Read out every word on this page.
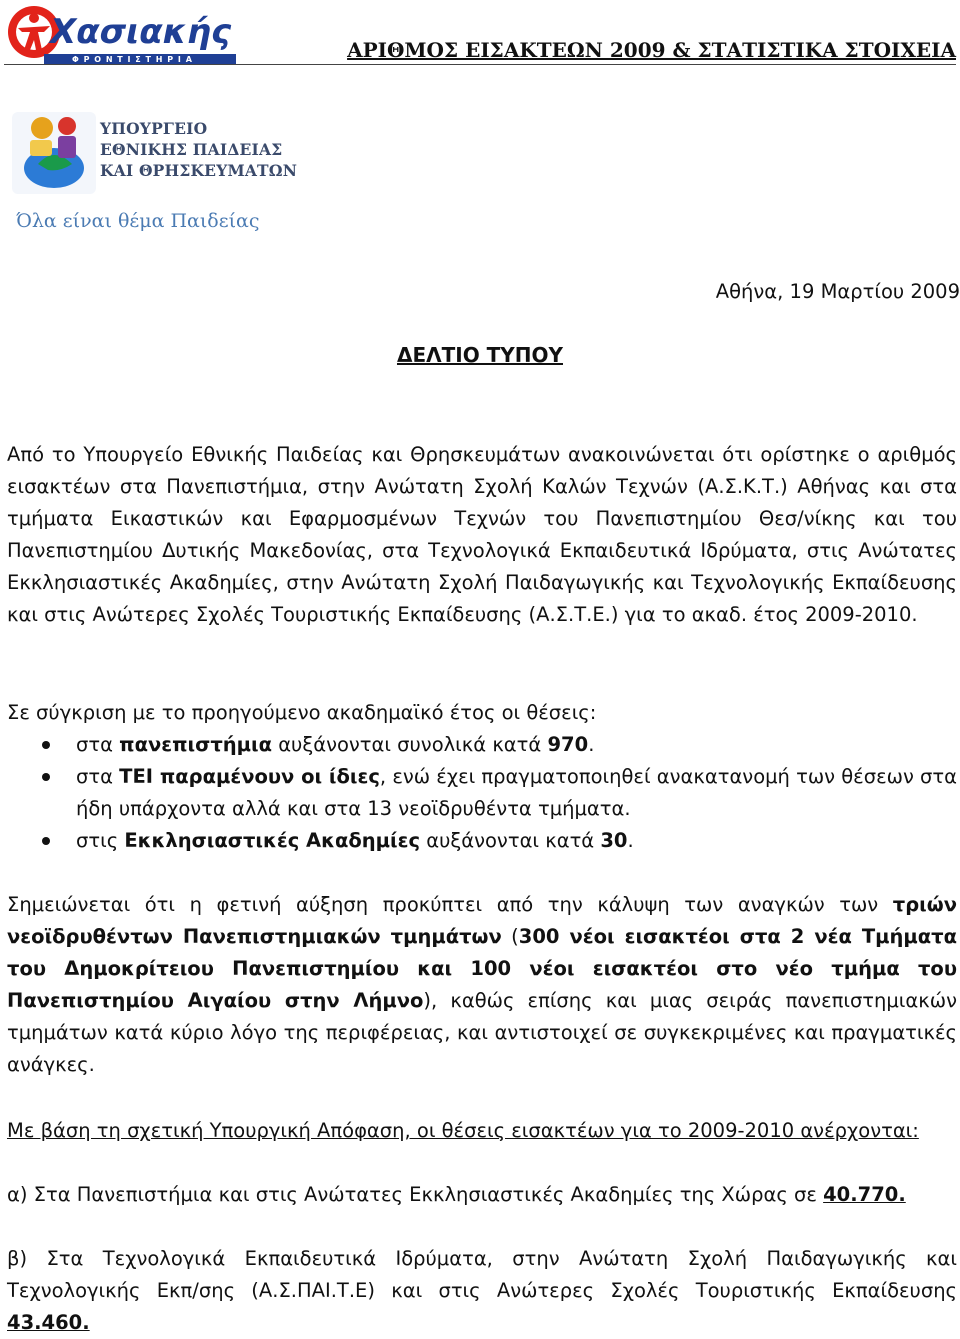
Χασιακής
Φ Ρ Ο Ν Τ Ι Σ Τ Η Ρ Ι Α	ΑΡΙΘΜΟΣ ΕΙΣΑΚΤΕΩΝ 2009 & ΣΤΑΤΙΣΤΙΚΑ ΣΤΟΙΧΕΙΑ
ΥΠΟΥΡΓΕΙΟ
ΕΘΝΙΚΗΣ ΠΑΙΔΕΙΑΣ
ΚΑΙ ΘΡΗΣΚΕΥΜΑΤΩΝ
Όλα είναι θέμα Παιδείας
Αθήνα, 19 Μαρτίου 2009
ΔΕΛΤΙΟ ΤΥΠΟΥ
Από το Υπουργείο Εθνικής Παιδείας και Θρησκευμάτων ανακοινώνεται ότι ορίστηκε ο αριθμός εισακτέων στα Πανεπιστήμια, στην Ανώτατη Σχολή Καλών Τεχνών (Α.Σ.Κ.Τ.) Αθήνας και στα τμήματα Εικαστικών και Εφαρμοσμένων Τεχνών του Πανεπιστημίου Θεσ/νίκης και του Πανεπιστημίου Δυτικής Μακεδονίας, στα Τεχνολογικά Εκπαιδευτικά Ιδρύματα, στις Ανώτατες Εκκλησιαστικές Ακαδημίες, στην Ανώτατη Σχολή Παιδαγωγικής και Τεχνολογικής Εκπαίδευσης και στις Ανώτερες Σχολές Τουριστικής Εκπαίδευσης (Α.Σ.Τ.Ε.) για το ακαδ. έτος 2009-2010.
Σε σύγκριση με το προηγούμενο ακαδημαϊκό έτος οι θέσεις:
στα πανεπιστήμια αυξάνονται συνολικά κατά 970.
στα ΤΕΙ παραμένουν οι ίδιες, ενώ έχει πραγματοποιηθεί ανακατανομή των θέσεων στα ήδη υπάρχοντα αλλά και στα 13 νεοϊδρυθέντα τμήματα.
στις Εκκλησιαστικές Ακαδημίες αυξάνονται κατά 30.
Σημειώνεται ότι η φετινή αύξηση προκύπτει από την κάλυψη των αναγκών των τριών νεοϊδρυθέντων Πανεπιστημιακών τμημάτων (300 νέοι εισακτέοι στα 2 νέα Τμήματα του Δημοκρίτειου Πανεπιστημίου και 100 νέοι εισακτέοι στο νέο τμήμα του Πανεπιστημίου Αιγαίου στην Λήμνο), καθώς επίσης και μιας σειράς πανεπιστημιακών τμημάτων κατά κύριο λόγο της περιφέρειας, και αντιστοιχεί σε συγκεκριμένες και πραγματικές ανάγκες.
Με βάση τη σχετική Υπουργική Απόφαση, οι θέσεις εισακτέων για το 2009-2010 ανέρχονται:
α) Στα Πανεπιστήμια και στις Ανώτατες Εκκλησιαστικές Ακαδημίες της Χώρας σε 40.770.
β) Στα Τεχνολογικά Εκπαιδευτικά Ιδρύματα, στην Ανώτατη Σχολή Παιδαγωγικής και Τεχνολογικής Εκπ/σης (Α.Σ.ΠΑΙ.Τ.Ε) και στις Ανώτερες Σχολές Τουριστικής Εκπαίδευσης 43.460.
